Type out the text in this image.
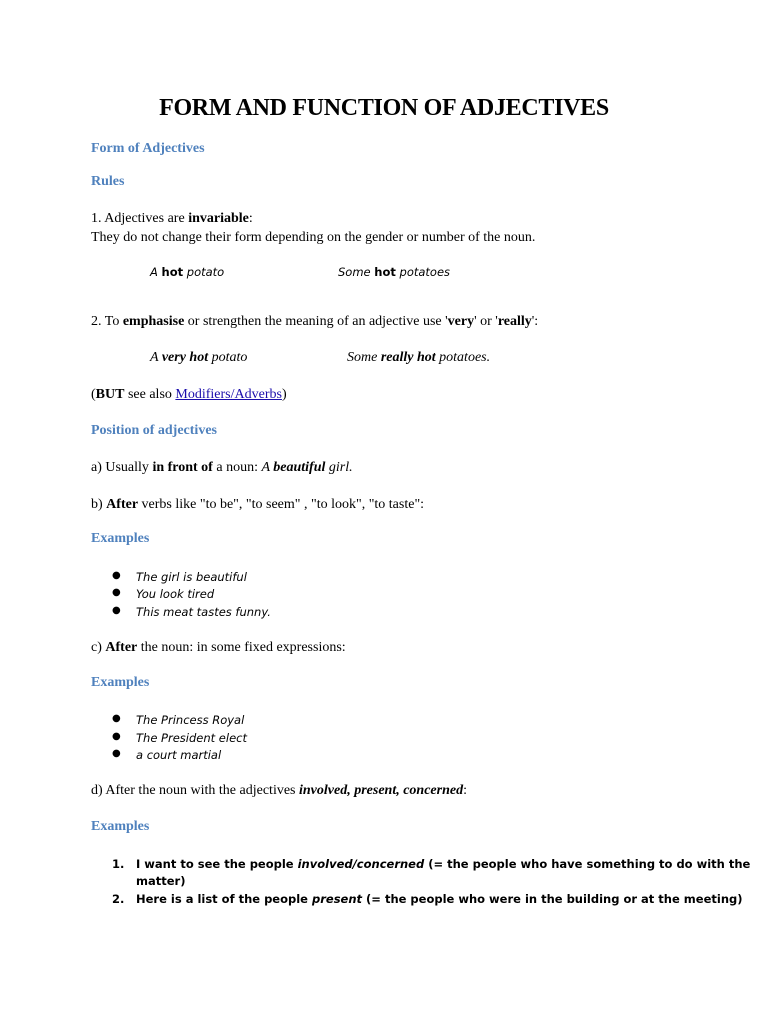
FORM AND FUNCTION OF ADJECTIVES
Form of Adjectives
Rules
1. Adjectives are invariable:
They do not change their form depending on the gender or number of the noun.
A hot potato	Some hot potatoes
2. To emphasise or strengthen the meaning of an adjective use 'very' or 'really':
A very hot potato	Some really hot potatoes.
(BUT see also Modifiers/Adverbs)
Position of adjectives
a) Usually in front of a noun: A beautiful girl.
b) After verbs like "to be", "to seem" , "to look", "to taste":
Examples
● The girl is beautiful
● You look tired
● This meat tastes funny.
c) After the noun: in some fixed expressions:
Examples
● The Princess Royal
● The President elect
● a court martial
d) After the noun with the adjectives involved, present, concerned:
Examples
1. I want to see the people involved/concerned (= the people who have something to do with the
matter)
2. Here is a list of the people present (= the people who were in the building or at the meeting)
